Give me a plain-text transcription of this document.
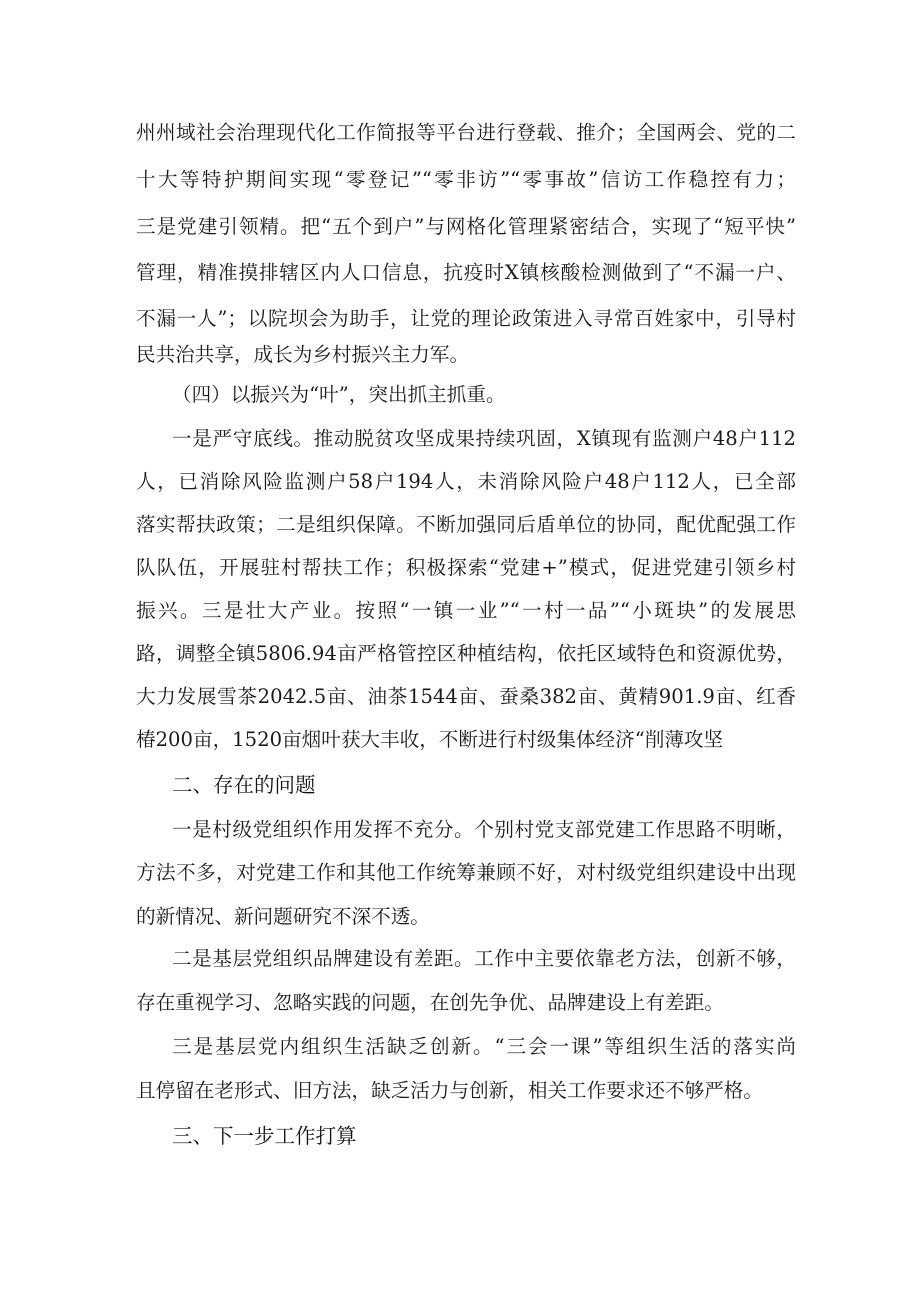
州州域社会治理现代化工作简报等平台进行登载、推介；全国两会、党的二
十大等特护期间实现“零登记”“零非访”“零事故”信访工作稳控有力；
三是党建引领精。把“五个到户”与网格化管理紧密结合，实现了“短平快”
管理，精准摸排辖区内人口信息，抗疫时X镇核酸检测做到了“不漏一户、
不漏一人”；以院坝会为助手，让党的理论政策进入寻常百姓家中，引导村
民共治共享，成长为乡村振兴主力军。
（四）以振兴为“叶”，突出抓主抓重。
一是严守底线。推动脱贫攻坚成果持续巩固，X镇现有监测户48户112
人，已消除风险监测户58户194人，未消除风险户48户112人，已全部
落实帮扶政策；二是组织保障。不断加强同后盾单位的协同，配优配强工作
队队伍，开展驻村帮扶工作；积极探索“党建+”模式，促进党建引领乡村
振兴。三是壮大产业。按照“一镇一业”“一村一品”“小斑块”的发展思
路，调整全镇5806.94亩严格管控区种植结构，依托区域特色和资源优势，
大力发展雪茶2042.5亩、油茶1544亩、蚕桑382亩、黄精901.9亩、红香
椿200亩，1520亩烟叶获大丰收，不断进行村级集体经济“削薄攻坚
二、存在的问题
一是村级党组织作用发挥不充分。个别村党支部党建工作思路不明晰，
方法不多，对党建工作和其他工作统筹兼顾不好，对村级党组织建设中出现
的新情况、新问题研究不深不透。
二是基层党组织品牌建设有差距。工作中主要依靠老方法，创新不够，
存在重视学习、忽略实践的问题，在创先争优、品牌建设上有差距。
三是基层党内组织生活缺乏创新。“三会一课”等组织生活的落实尚
且停留在老形式、旧方法，缺乏活力与创新，相关工作要求还不够严格。
三、下一步工作打算
